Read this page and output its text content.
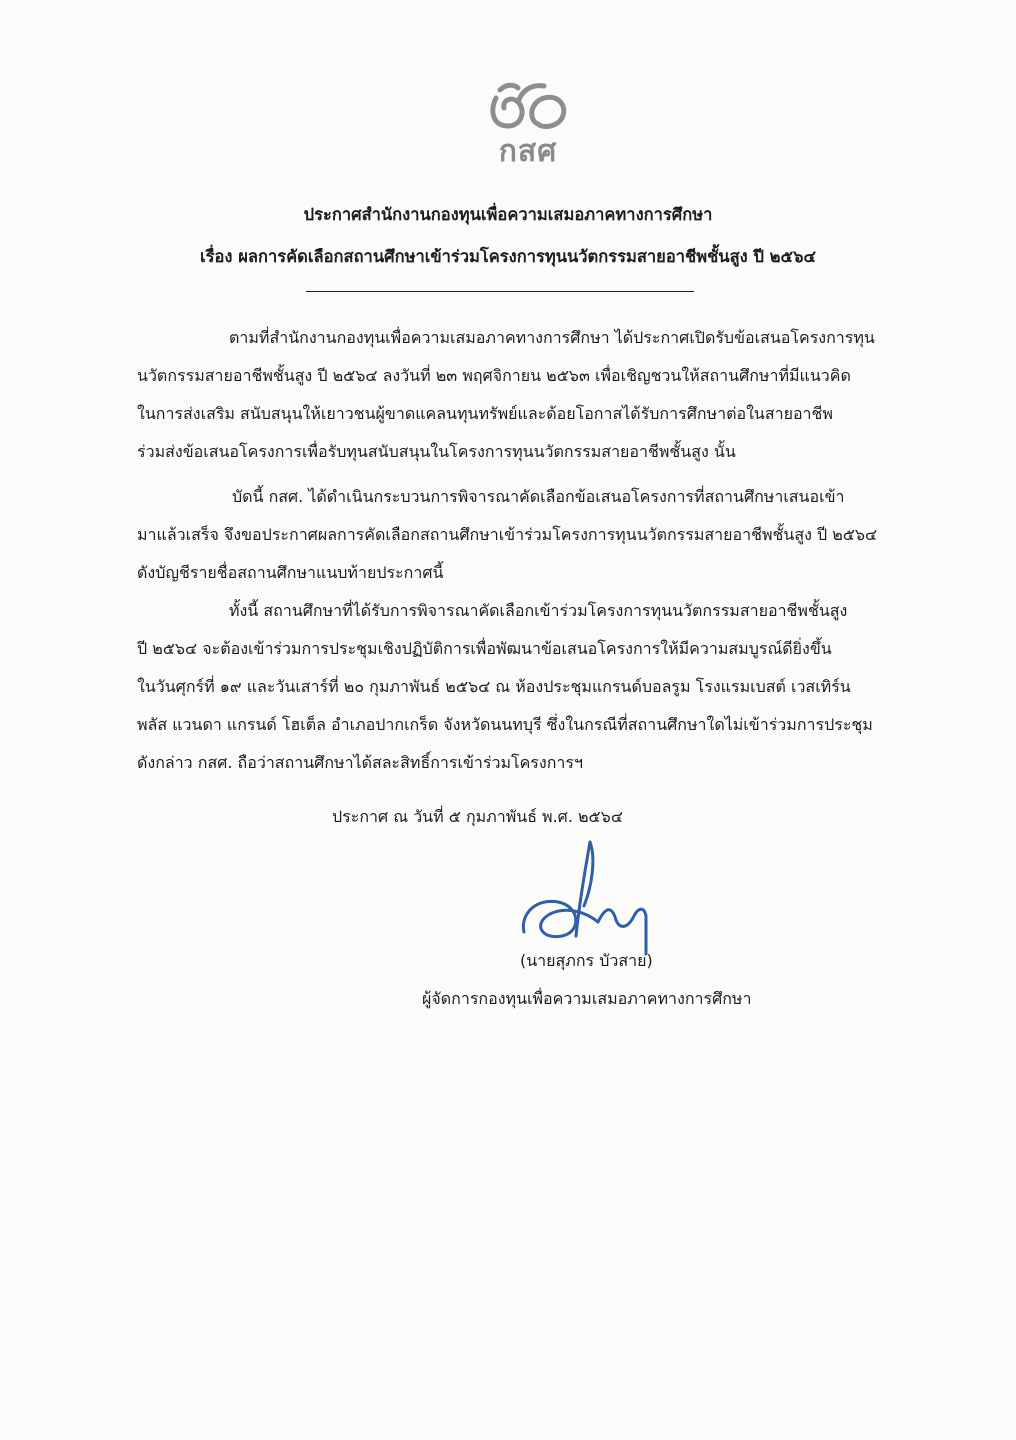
กสศ
ประกาศสำนักงานกองทุนเพื่อความเสมอภาคทางการศึกษา
เรื่อง ผลการคัดเลือกสถานศึกษาเข้าร่วมโครงการทุนนวัตกรรมสายอาชีพชั้นสูง ปี ๒๕๖๔
ตามที่สำนักงานกองทุนเพื่อความเสมอภาคทางการศึกษา ได้ประกาศเปิดรับข้อเสนอโครงการทุน
นวัตกรรมสายอาชีพชั้นสูง ปี ๒๕๖๔ ลงวันที่ ๒๓ พฤศจิกายน ๒๕๖๓ เพื่อเชิญชวนให้สถานศึกษาที่มีแนวคิด
ในการส่งเสริม สนับสนุนให้เยาวชนผู้ขาดแคลนทุนทรัพย์และด้อยโอกาสได้รับการศึกษาต่อในสายอาชีพ
ร่วมส่งข้อเสนอโครงการเพื่อรับทุนสนับสนุนในโครงการทุนนวัตกรรมสายอาชีพชั้นสูง นั้น
บัดนี้ กสศ. ได้ดำเนินกระบวนการพิจารณาคัดเลือกข้อเสนอโครงการที่สถานศึกษาเสนอเข้า
มาแล้วเสร็จ จึงขอประกาศผลการคัดเลือกสถานศึกษาเข้าร่วมโครงการทุนนวัตกรรมสายอาชีพชั้นสูง ปี ๒๕๖๔
ดังบัญชีรายชื่อสถานศึกษาแนบท้ายประกาศนี้
ทั้งนี้ สถานศึกษาที่ได้รับการพิจารณาคัดเลือกเข้าร่วมโครงการทุนนวัตกรรมสายอาชีพชั้นสูง
ปี ๒๕๖๔ จะต้องเข้าร่วมการประชุมเชิงปฏิบัติการเพื่อพัฒนาข้อเสนอโครงการให้มีความสมบูรณ์ดียิ่งขึ้น
ในวันศุกร์ที่ ๑๙ และวันเสาร์ที่ ๒๐ กุมภาพันธ์ ๒๕๖๔ ณ ห้องประชุมแกรนด์บอลรูม โรงแรมเบสต์ เวสเทิร์น
พลัส แวนดา แกรนด์ โฮเต็ล อำเภอปากเกร็ด จังหวัดนนทบุรี ซึ่งในกรณีที่สถานศึกษาใดไม่เข้าร่วมการประชุม
ดังกล่าว กสศ. ถือว่าสถานศึกษาได้สละสิทธิ์การเข้าร่วมโครงการฯ
ประกาศ ณ วันที่ ๕ กุมภาพันธ์ พ.ศ. ๒๕๖๔
(นายสุภกร บัวสาย)
ผู้จัดการกองทุนเพื่อความเสมอภาคทางการศึกษา
